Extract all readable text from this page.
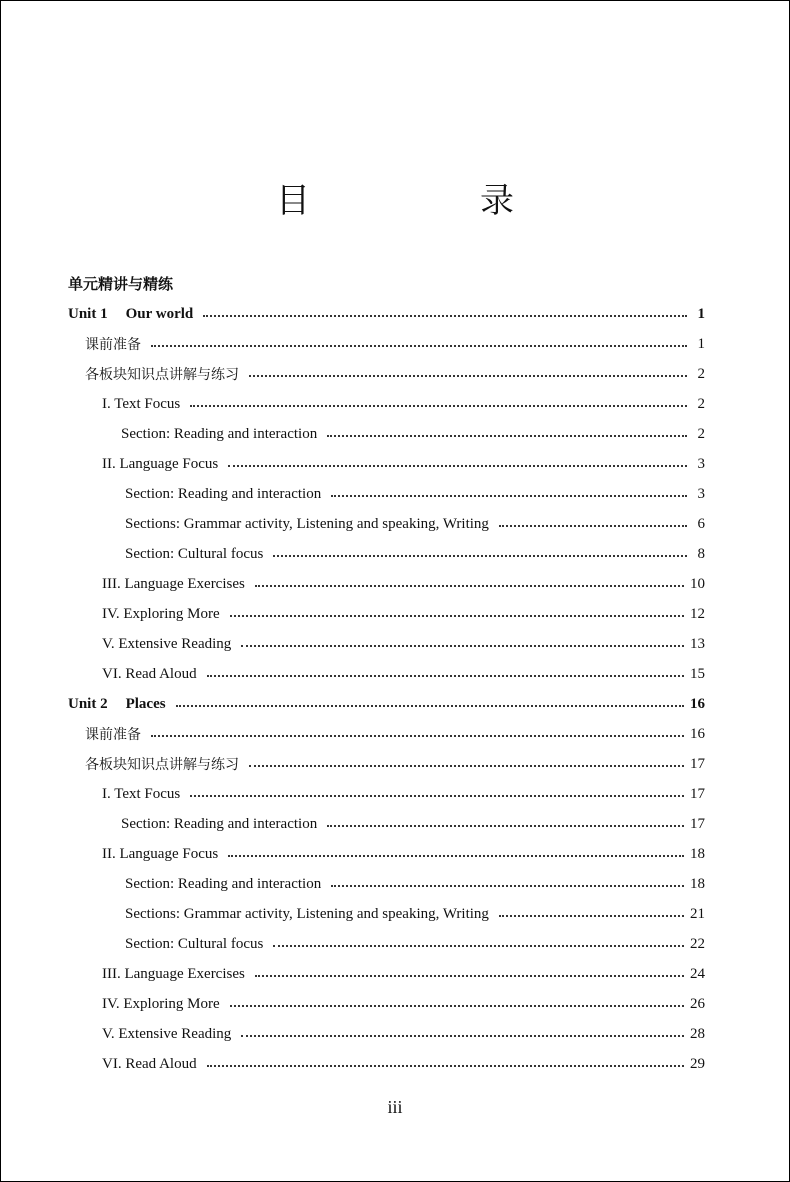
目　录
单元精讲与精练
Unit 1 Our world	1
课前准备	1
各板块知识点讲解与练习	2
I. Text Focus	2
Section: Reading and interaction	2
II. Language Focus	3
Section: Reading and interaction	3
Sections: Grammar activity, Listening and speaking, Writing	6
Section: Cultural focus	8
III. Language Exercises	10
IV. Exploring More	12
V. Extensive Reading	13
VI. Read Aloud	15
Unit 2 Places	16
课前准备	16
各板块知识点讲解与练习	17
I. Text Focus	17
Section: Reading and interaction	17
II. Language Focus	18
Section: Reading and interaction	18
Sections: Grammar activity, Listening and speaking, Writing	21
Section: Cultural focus	22
III. Language Exercises	24
IV. Exploring More	26
V. Extensive Reading	28
VI. Read Aloud	29
iii
